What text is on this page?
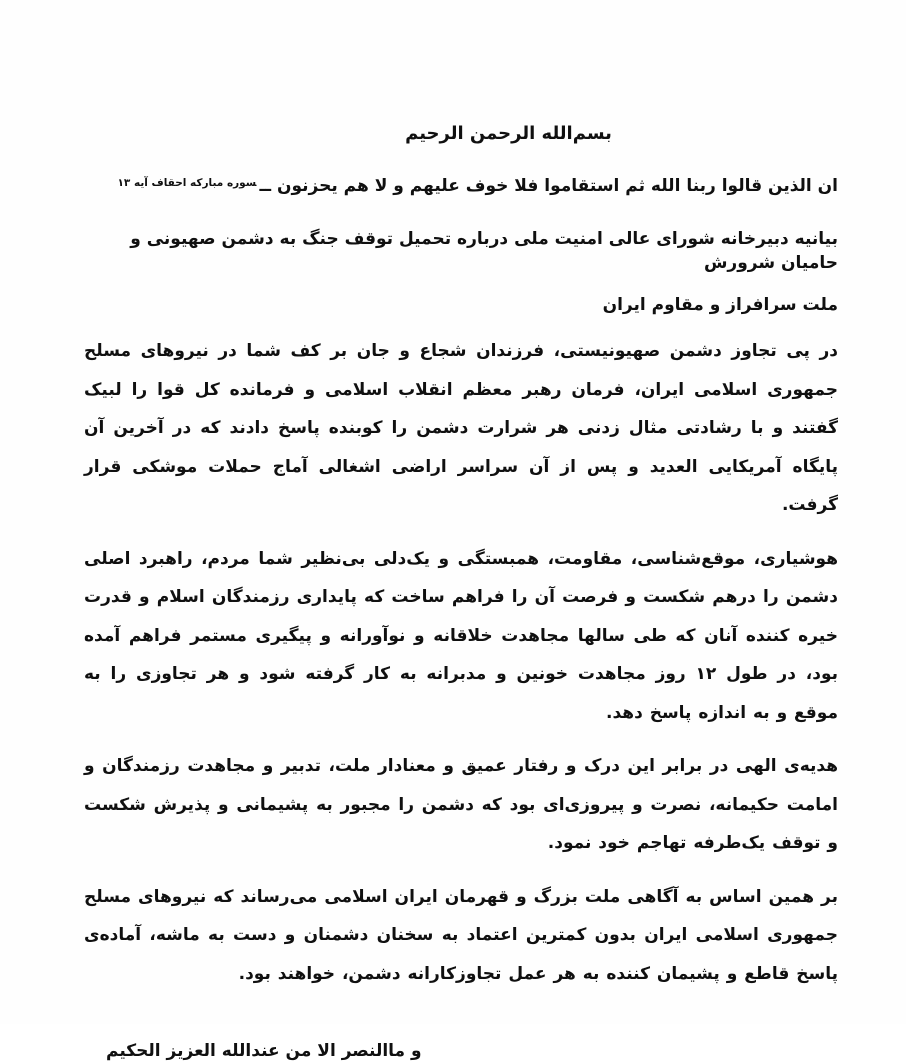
بسم‌الله الرحمن الرحیم
ان الذین قالوا ربنا الله ثم استقاموا فلا خوف علیهم و لا هم یحزنون ــ$^{سوره مبارکه احقاف آیه ۱۳}$
بیانیه دبیرخانه شورای عالی امنیت ملی درباره تحمیل توقف جنگ به دشمن صهیونی و حامیان شرورش
ملت سرافراز و مقاوم ایران

در پی تجاوز دشمن صهیونیستی، فرزندان شجاع و جان بر کف شما در نیروهای مسلح جمهوری اسلامی ایران، فرمان رهبر معظم انقلاب اسلامی و فرمانده کل قوا را لبیک گفتند و با رشادتی مثال زدنی هر شرارت دشمن را کوبنده پاسخ دادند که در آخرین آن پایگاه آمریکایی العدید و پس از آن سراسر اراضی اشغالی آماج حملات موشکی قرار گرفت.

هوشیاری، موقع‌شناسی، مقاومت، همبستگی و یک‌دلی بی‌نظیر شما مردم، راهبرد اصلی دشمن را درهم شکست و فرصت آن را فراهم ساخت که پایداری رزمندگان اسلام و قدرت خیره کننده آنان که طی سالها مجاهدت خلاقانه و نوآورانه و پیگیری مستمر فراهم آمده بود، در طول ۱۲ روز مجاهدت خونین و مدبرانه به کار گرفته شود و هر تجاوزی را به موقع و به اندازه پاسخ دهد.

هدیه‌ی الهی در برابر این درک و رفتار عمیق و معنادار ملت، تدبیر و مجاهدت رزمندگان و امامت حکیمانه، نصرت و پیروزی‌ای بود که دشمن را مجبور به پشیمانی و پذیرش شکست و توقف یک‌طرفه تهاجم خود نمود.

بر همین اساس به آگاهی ملت بزرگ و قهرمان ایران اسلامی می‌رساند که نیروهای مسلح جمهوری اسلامی ایران بدون کمترین اعتماد به سخنان دشمنان و دست به ماشه، آماده‌ی پاسخ قاطع و پشیمان کننده به هر عمل تجاوزکارانه دشمن، خواهند بود.

و ماالنصر الا من عندالله العزیز الحکیم
